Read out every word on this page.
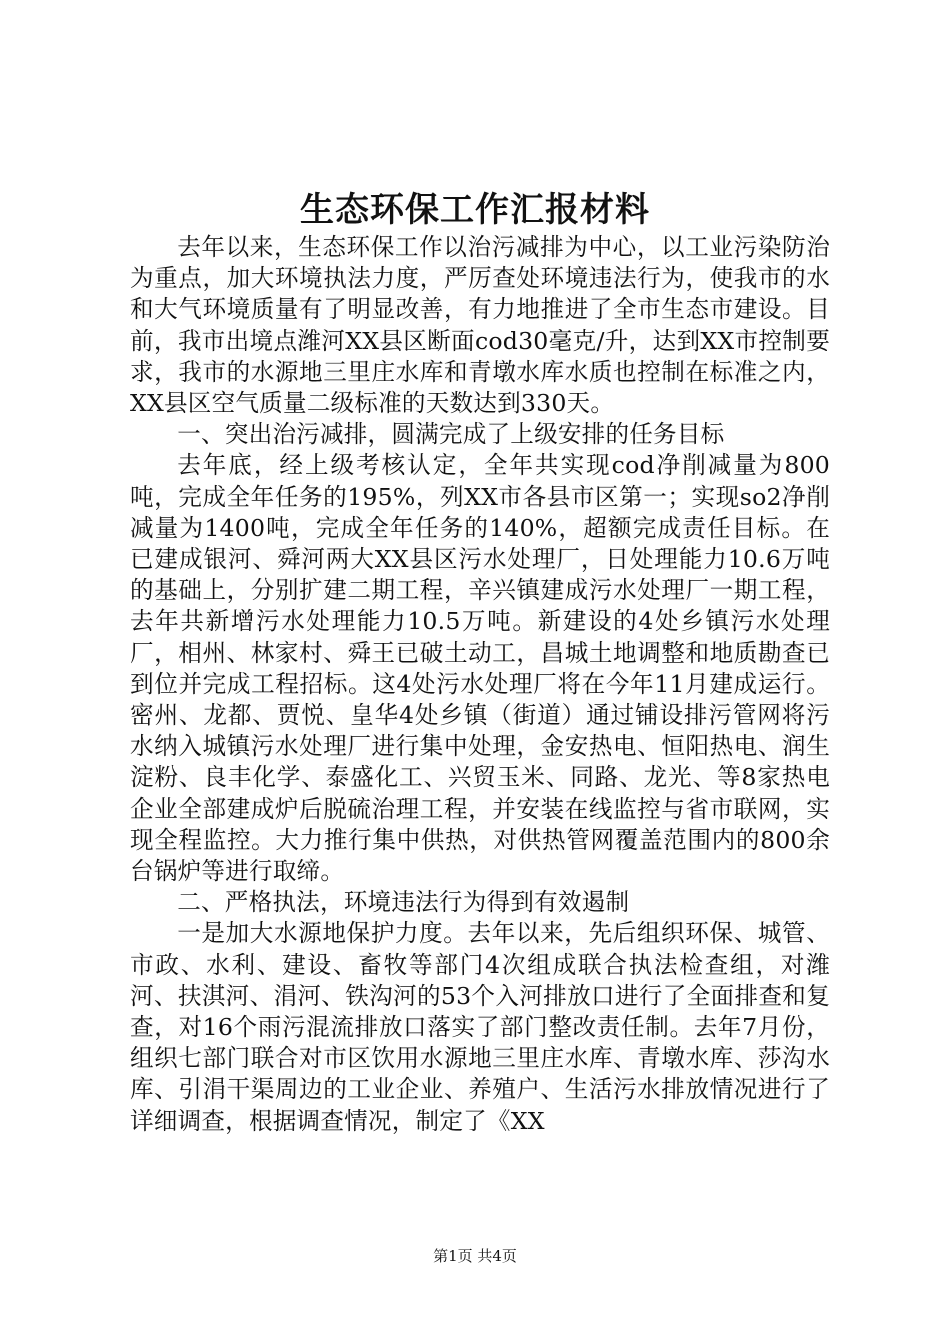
生态环保工作汇报材料

去年以来，生态环保工作以治污减排为中心，以工业污染防治为重点，加大环境执法力度，严厉查处环境违法行为，使我市的水和大气环境质量有了明显改善，有力地推进了全市生态市建设。目前，我市出境点潍河XX县区断面cod30毫克/升，达到XX市控制要求，我市的水源地三里庄水库和青墩水库水质也控制在标准之内，XX县区空气质量二级标准的天数达到330天。

一、突出治污减排，圆满完成了上级安排的任务目标

去年底，经上级考核认定，全年共实现cod净削减量为800吨，完成全年任务的195%，列XX市各县市区第一；实现so2净削减量为1400吨，完成全年任务的140%，超额完成责任目标。在已建成银河、舜河两大XX县区污水处理厂，日处理能力10.6万吨的基础上，分别扩建二期工程，辛兴镇建成污水处理厂一期工程，去年共新增污水处理能力10.5万吨。新建设的4处乡镇污水处理厂，相州、林家村、舜王已破土动工，昌城土地调整和地质勘查已到位并完成工程招标。这4处污水处理厂将在今年11月建成运行。密州、龙都、贾悦、皇华4处乡镇（街道）通过铺设排污管网将污水纳入城镇污水处理厂进行集中处理，金安热电、恒阳热电、润生淀粉、良丰化学、泰盛化工、兴贸玉米、同路、龙光、等8家热电企业全部建成炉后脱硫治理工程，并安装在线监控与省市联网，实现全程监控。大力推行集中供热，对供热管网覆盖范围内的800余台锅炉等进行取缔。

二、严格执法，环境违法行为得到有效遏制

一是加大水源地保护力度。去年以来，先后组织环保、城管、市政、水利、建设、畜牧等部门4次组成联合执法检查组，对潍河、扶淇河、涓河、铁沟河的53个入河排放口进行了全面排查和复查，对16个雨污混流排放口落实了部门整改责任制。去年7月份，组织七部门联合对市区饮用水源地三里庄水库、青墩水库、莎沟水库、引涓干渠周边的工业企业、养殖户、生活污水排放情况进行了详细调查，根据调查情况，制定了《XX

第1页 共4页
